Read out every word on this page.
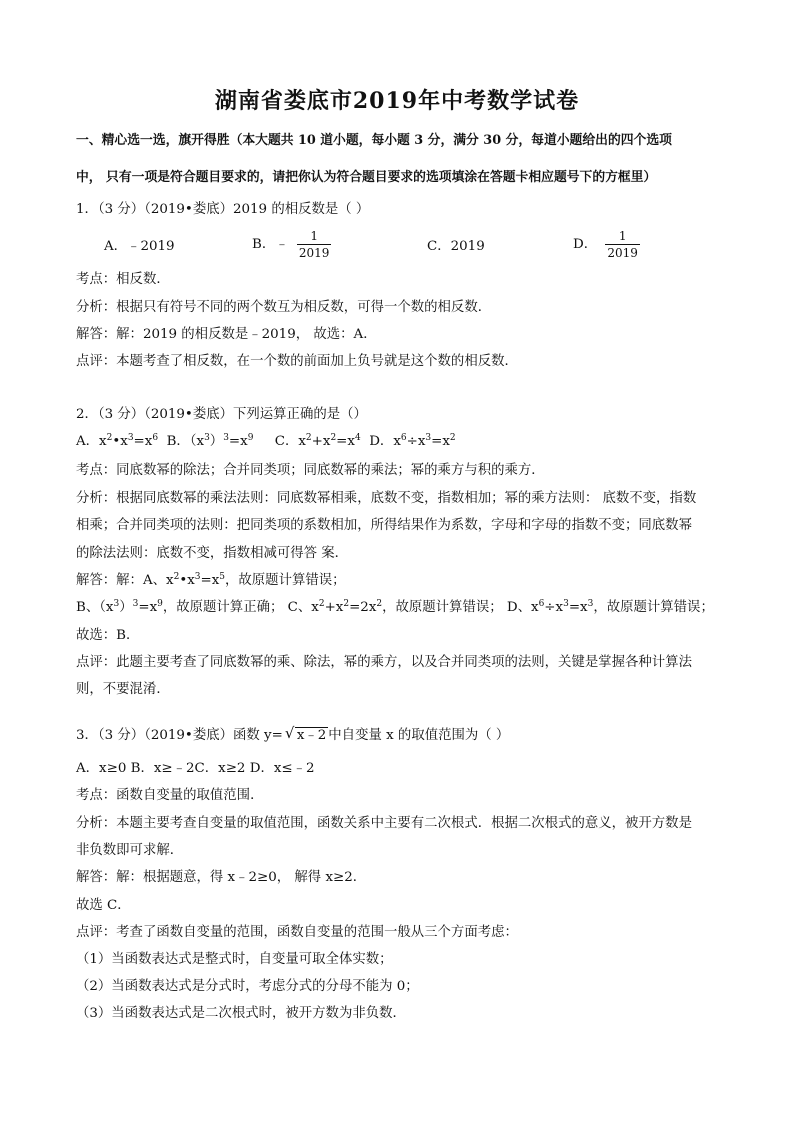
湖南省娄底市2019年中考数学试卷
一、精心选一选，旗开得胜（本大题共 10 道小题，每小题 3 分，满分 30 分，每道小题给出的四个选项
中， 只有一项是符合题目要求的，请把你认为符合题目要求的选项填涂在答题卡相应题号下的方框里）
1．（3 分）（2019•娄底）2019 的相反数是（ ）
A．﹣2019	B．﹣ $\frac{1}{2019}$	C．2019	D． $\frac{1}{2019}$
考点：相反数．
分析：根据只有符号不同的两个数互为相反数，可得一个数的相反数．
解答：解：2019 的相反数是﹣2019， 故选：A．
点评：本题考查了相反数，在一个数的前面加上负号就是这个数的相反数．
2．（3 分）（2019•娄底）下列运算正确的是（）
A．$x^2•x^3=x^6$  B．$(x^3)^3=x^9$     C．$x^2+x^2=x^4$  D．$x^6\div x^3=x^2$
考点：同底数幂的除法；合并同类项；同底数幂的乘法；幂的乘方与积的乘方．
分析：根据同底数幂的乘法法则：同底数幂相乘，底数不变，指数相加；幂的乘方法则： 底数不变，指数
相乘；合并同类项的法则：把同类项的系数相加，所得结果作为系数，字母和字母的指数不变；同底数幂
的除法法则：底数不变，指数相减可得答 案．
解答：解：A、$x^2•x^3=x^5$，故原题计算错误；
B、$(x^3)^3=x^9$，故原题计算正确； C、$x^2+x^2=2x^2$，故原题计算错误； D、$x^6\div x^3=x^3$，故原题计算错误；
故选：B．
点评：此题主要考查了同底数幂的乘、除法，幂的乘方，以及合并同类项的法则，关键是掌握各种计算法
则，不要混淆．
3．（3 分）（2019•娄底）函数 y= √ x﹣2 中自变量 x 的取值范围为（ ）
A．x≥0 B．x≥﹣2C．x≥2 D．x≤﹣2
考点：函数自变量的取值范围．
分析：本题主要考查自变量的取值范围，函数关系中主要有二次根式．根据二次根式的意义，被开方数是
非负数即可求解．
解答：解：根据题意，得 x﹣2≥0， 解得 x≥2．
故选 C．
点评：考查了函数自变量的范围，函数自变量的范围一般从三个方面考虑：
（1）当函数表达式是整式时，自变量可取全体实数；
（2）当函数表达式是分式时，考虑分式的分母不能为 0；
（3）当函数表达式是二次根式时，被开方数为非负数．
